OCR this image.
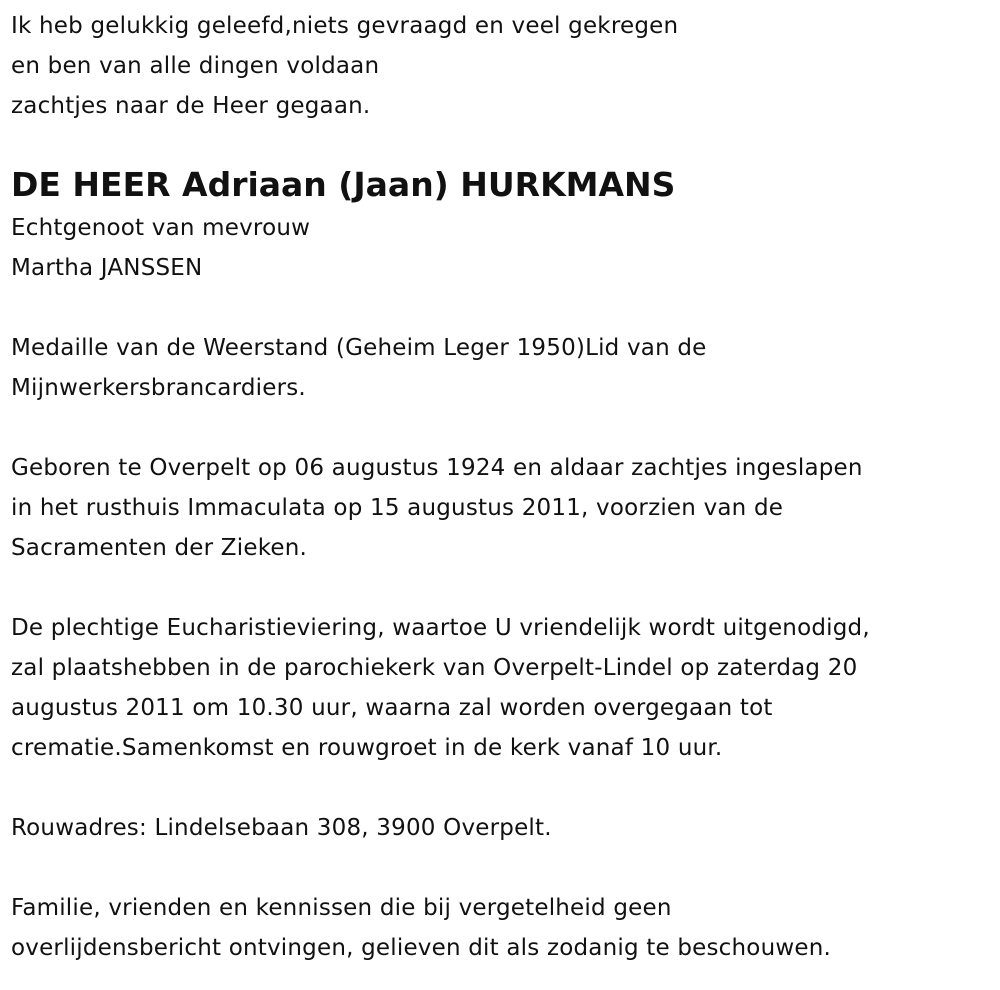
Ik heb gelukkig geleefd,niets gevraagd en veel gekregen
en ben van alle dingen voldaan
zachtjes naar de Heer gegaan.
DE HEER Adriaan (Jaan) HURKMANS
Echtgenoot van mevrouw
Martha JANSSEN
Medaille van de Weerstand (Geheim Leger 1950)Lid van de
Mijnwerkersbrancardiers.
Geboren te Overpelt op 06 augustus 1924 en aldaar zachtjes ingeslapen
in het rusthuis Immaculata op 15 augustus 2011, voorzien van de
Sacramenten der Zieken.
De plechtige Eucharistieviering, waartoe U vriendelijk wordt uitgenodigd,
zal plaatshebben in de parochiekerk van Overpelt-Lindel op zaterdag 20
augustus 2011 om 10.30 uur, waarna zal worden overgegaan tot
crematie.Samenkomst en rouwgroet in de kerk vanaf 10 uur.
Rouwadres: Lindelsebaan 308, 3900 Overpelt.
Familie, vrienden en kennissen die bij vergetelheid geen
overlijdensbericht ontvingen, gelieven dit als zodanig te beschouwen.
